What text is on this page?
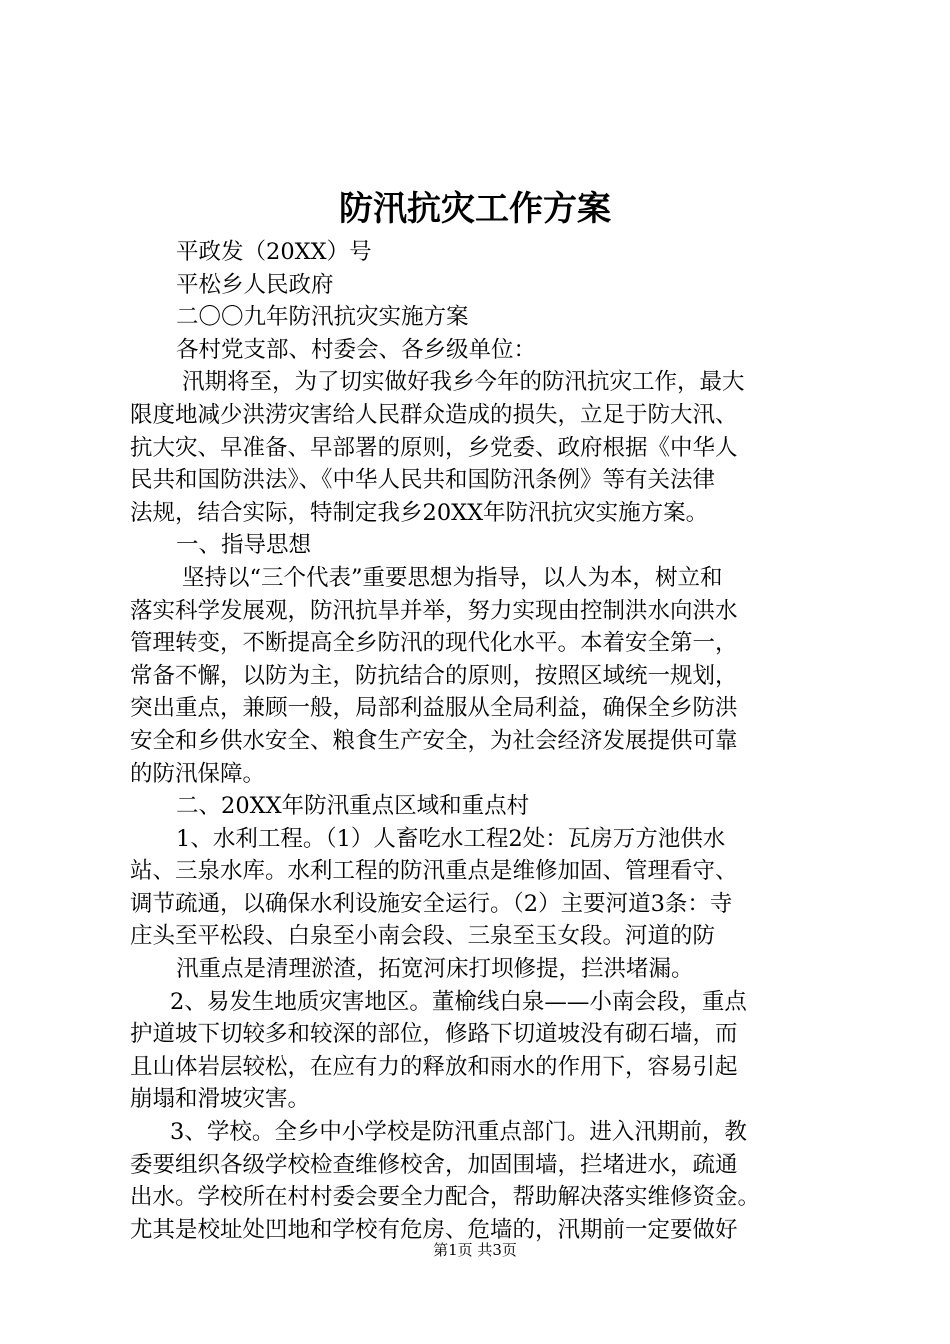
防汛抗灾工作方案

平政发（20XX）号

平松乡人民政府

二〇〇九年防汛抗灾实施方案

各村党支部、村委会、各乡级单位：

汛期将至，为了切实做好我乡今年的防汛抗灾工作，最大

限度地减少洪涝灾害给人民群众造成的损失，立足于防大汛、

抗大灾、早准备、早部署的原则，乡党委、政府根据《中华人

民共和国防洪法》、《中华人民共和国防汛条例》等有关法律

法规，结合实际，特制定我乡20XX年防汛抗灾实施方案。

一、指导思想

坚持以“三个代表”重要思想为指导，以人为本，树立和

落实科学发展观，防汛抗旱并举，努力实现由控制洪水向洪水

管理转变，不断提高全乡防汛的现代化水平。本着安全第一，

常备不懈，以防为主，防抗结合的原则，按照区域统一规划，

突出重点，兼顾一般，局部利益服从全局利益，确保全乡防洪

安全和乡供水安全、粮食生产安全，为社会经济发展提供可靠

的防汛保障。

二、20XX年防汛重点区域和重点村

1、水利工程。（1）人畜吃水工程2处：瓦房万方池供水

站、三泉水库。水利工程的防汛重点是维修加固、管理看守、

调节疏通，以确保水利设施安全运行。（2）主要河道3条：寺

庄头至平松段、白泉至小南会段、三泉至玉女段。河道的防

汛重点是清理淤渣，拓宽河床打坝修提，拦洪堵漏。

2、易发生地质灾害地区。董榆线白泉——小南会段，重点

护道坡下切较多和较深的部位，修路下切道坡没有砌石墙，而

且山体岩层较松，在应有力的释放和雨水的作用下，容易引起

崩塌和滑坡灾害。

3、学校。全乡中小学校是防汛重点部门。进入汛期前，教

委要组织各级学校检查维修校舍，加固围墙，拦堵进水，疏通

出水。学校所在村村委会要全力配合，帮助解决落实维修资金。

尤其是校址处凹地和学校有危房、危墙的，汛期前一定要做好

第1页 共3页
